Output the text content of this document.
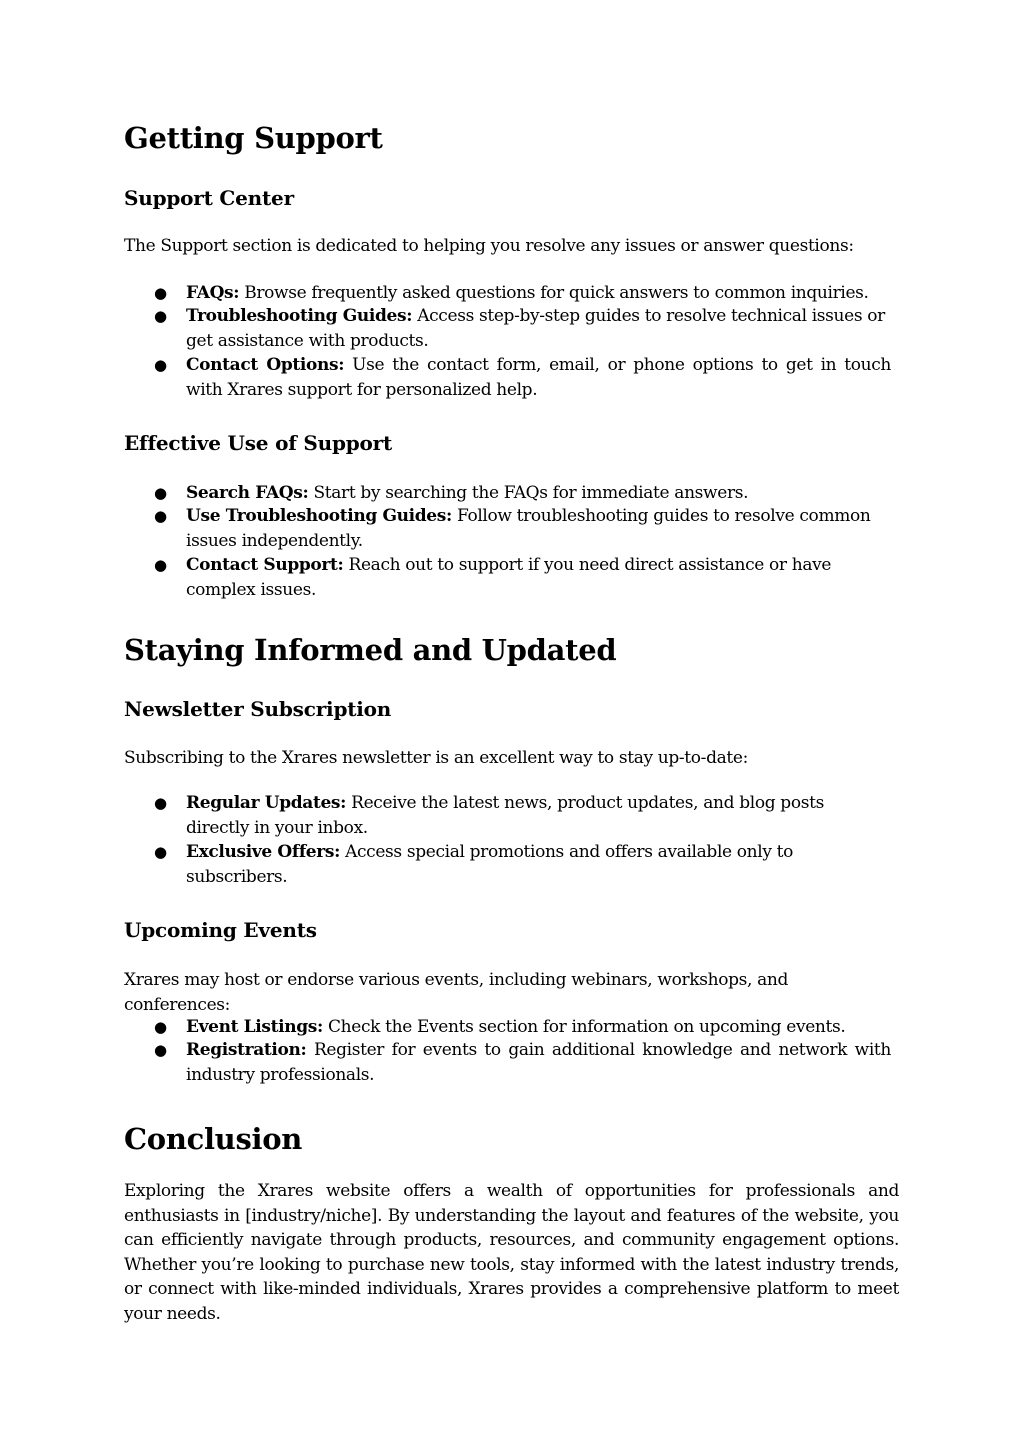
Getting Support
Support Center

The Support section is dedicated to helping you resolve any issues or answer questions:

● FAQs: Browse frequently asked questions for quick answers to common inquiries.
● Troubleshooting Guides: Access step-by-step guides to resolve technical issues or get assistance with products.
● Contact Options: Use the contact form, email, or phone options to get in touch with Xrares support for personalized help.
Effective Use of Support
● Search FAQs: Start by searching the FAQs for immediate answers.
● Use Troubleshooting Guides: Follow troubleshooting guides to resolve common issues independently.
● Contact Support: Reach out to support if you need direct assistance or have complex issues.
Staying Informed and Updated
Newsletter Subscription

Subscribing to the Xrares newsletter is an excellent way to stay up-to-date:

● Regular Updates: Receive the latest news, product updates, and blog posts directly in your inbox.
● Exclusive Offers: Access special promotions and offers available only to subscribers.
Upcoming Events

Xrares may host or endorse various events, including webinars, workshops, and conferences:

● Event Listings: Check the Events section for information on upcoming events.
● Registration: Register for events to gain additional knowledge and network with industry professionals.
Conclusion

Exploring the Xrares website offers a wealth of opportunities for professionals and enthusiasts in [industry/niche]. By understanding the layout and features of the website, you can efficiently navigate through products, resources, and community engagement options. Whether you’re looking to purchase new tools, stay informed with the latest industry trends, or connect with like-minded individuals, Xrares provides a comprehensive platform to meet your needs.
